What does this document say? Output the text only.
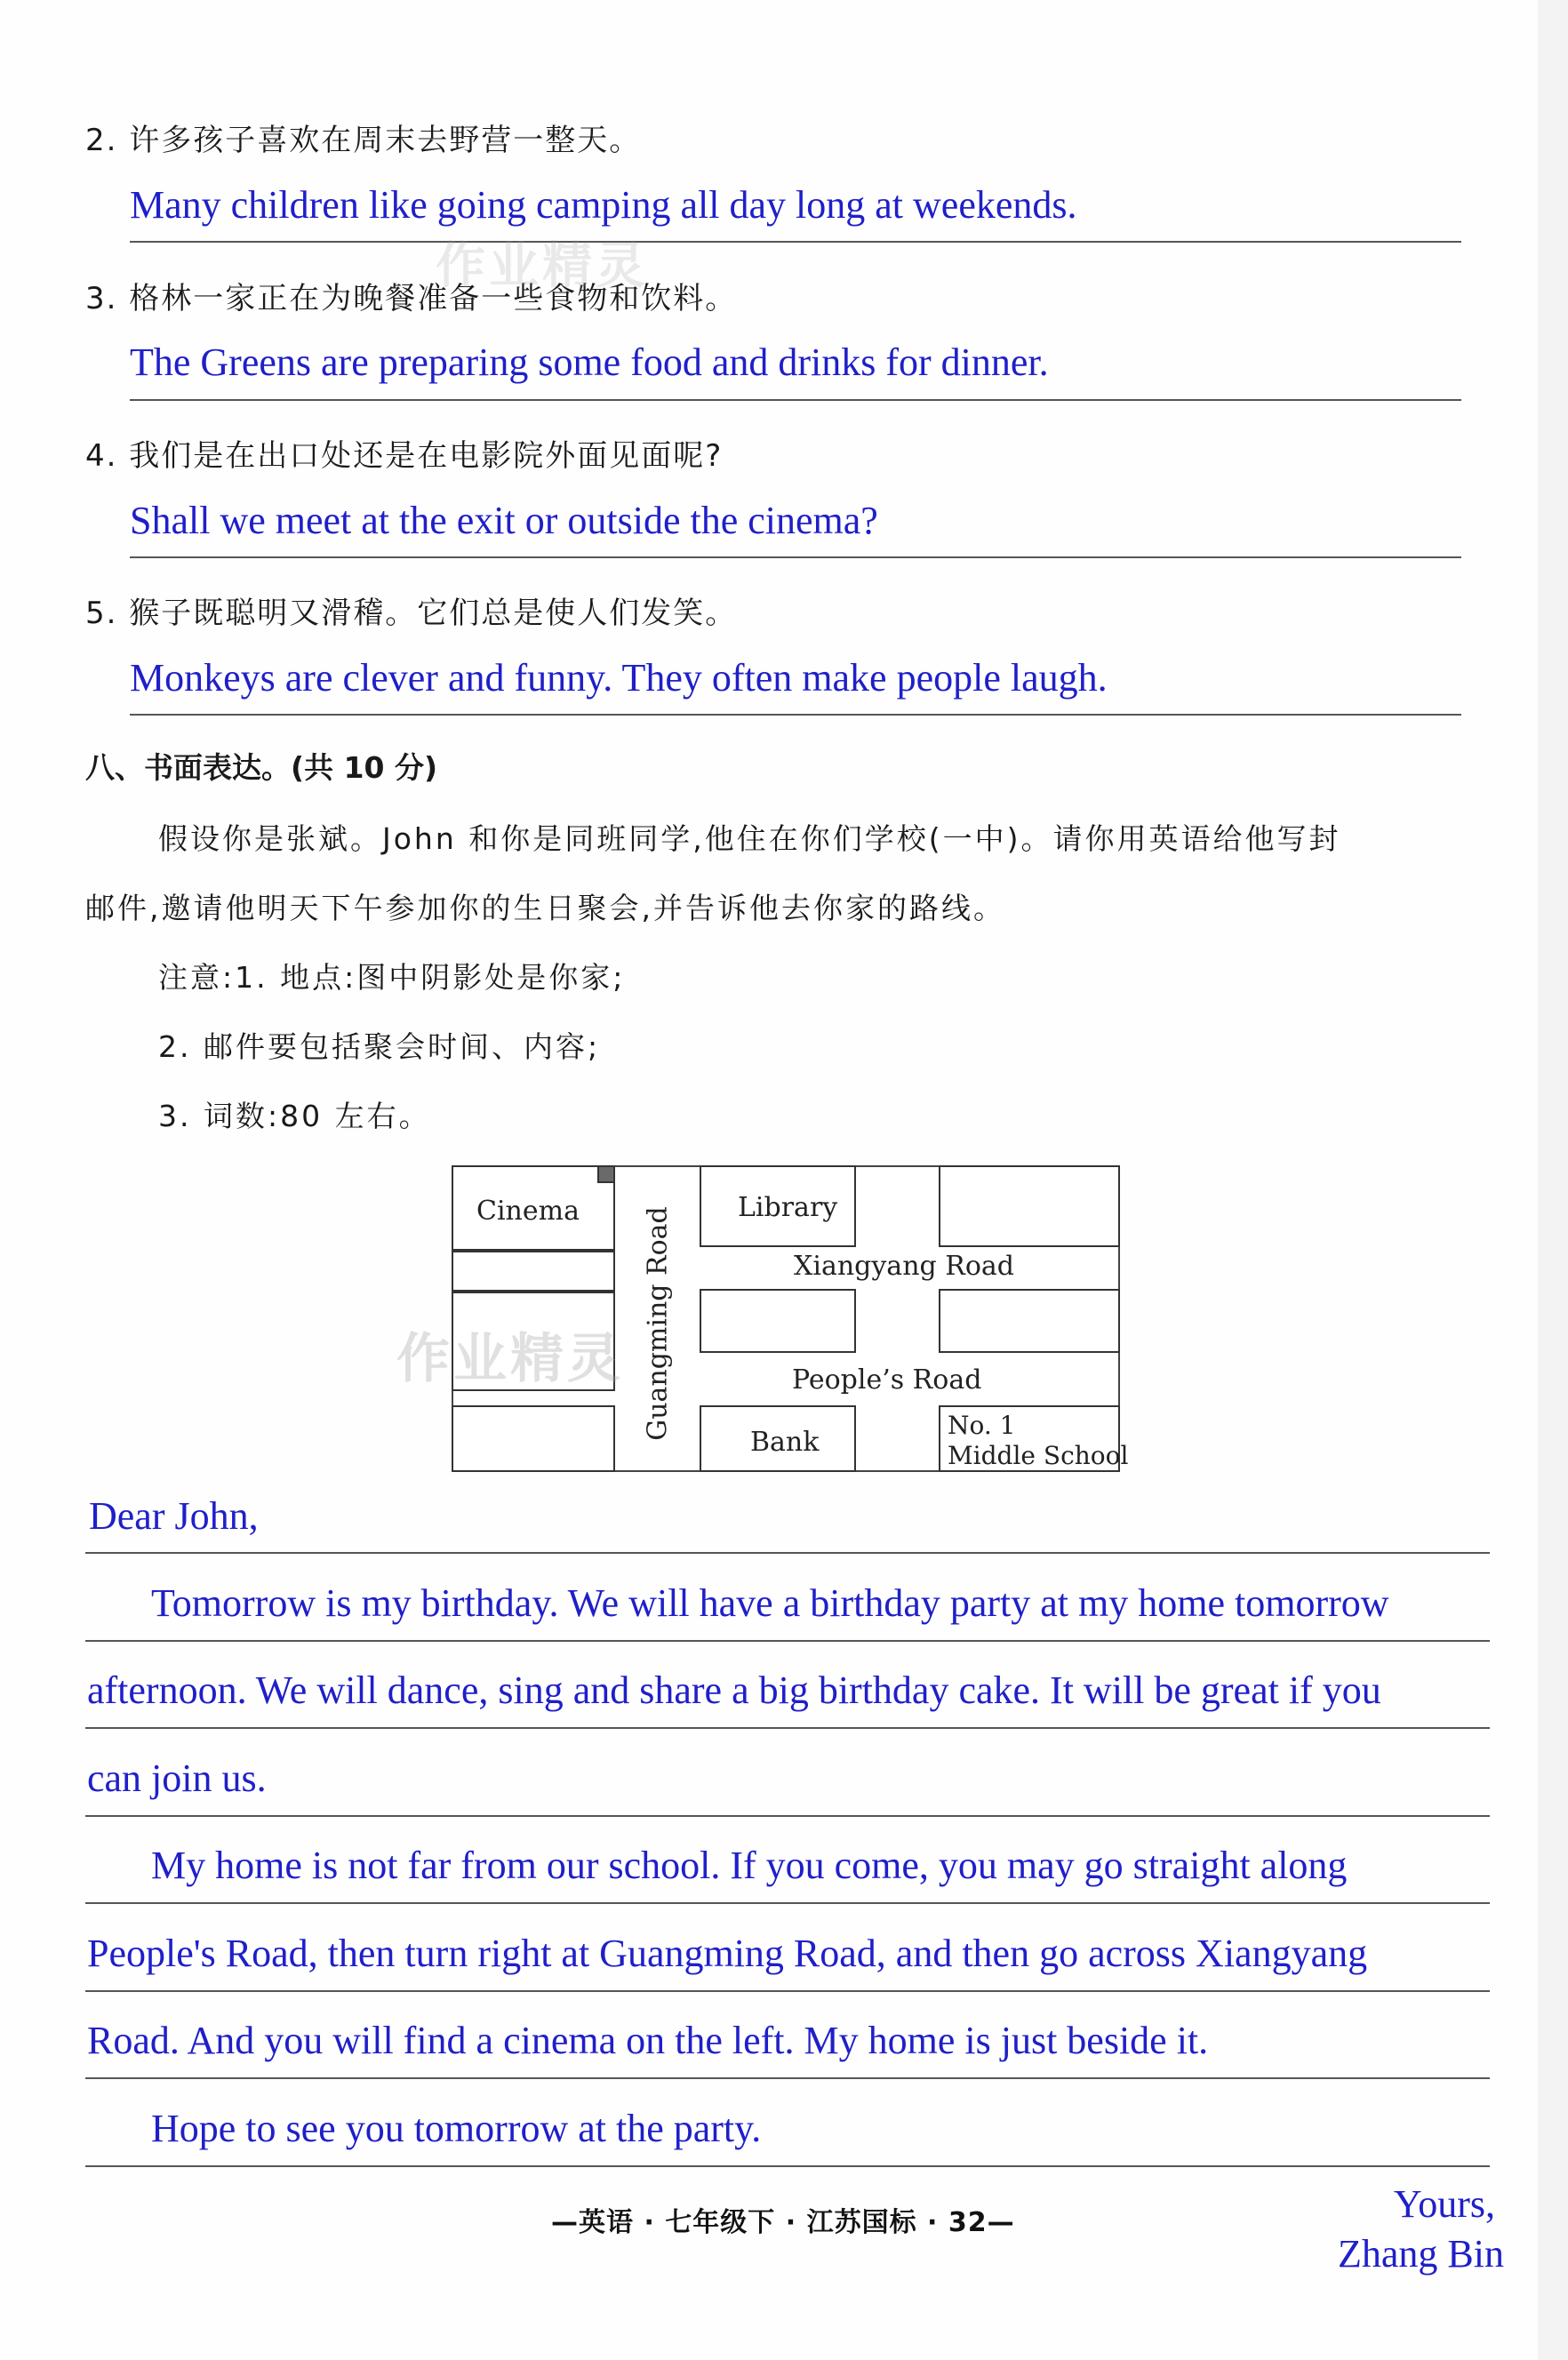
2. 许多孩子喜欢在周末去野营一整天。
Many children like going camping all day long at weekends.
3. 格林一家正在为晚餐准备一些食物和饮料。
The Greens are preparing some food and drinks for dinner.
4. 我们是在出口处还是在电影院外面见面呢?
Shall we meet at the exit or outside the cinema?
5. 猴子既聪明又滑稽。它们总是使人们发笑。
Monkeys are clever and funny. They often make people laugh.
八、书面表达。(共 10 分)
假设你是张斌。John 和你是同班同学,他住在你们学校(一中)。请你用英语给他写封
邮件,邀请他明天下午参加你的生日聚会,并告诉他去你家的路线。
注意:1. 地点:图中阴影处是你家;
2. 邮件要包括聚会时间、内容;
3. 词数:80 左右。
Cinema	Library
Xiangyang Road
People’s Road
Bank
No. 1
Middle School
Guangming Road
作业精灵
Dear John,
Tomorrow is my birthday. We will have a birthday party at my home tomorrow
afternoon. We will dance, sing and share a big birthday cake. It will be great if you
can join us.
My home is not far from our school. If you come, you may go straight along
People's Road, then turn right at Guangming Road, and then go across Xiangyang
Road. And you will find a cinema on the left. My home is just beside it.
Hope to see you tomorrow at the party.
—英语 · 七年级下 · 江苏国标 · 32—	Yours,
Zhang Bin
作业精灵
